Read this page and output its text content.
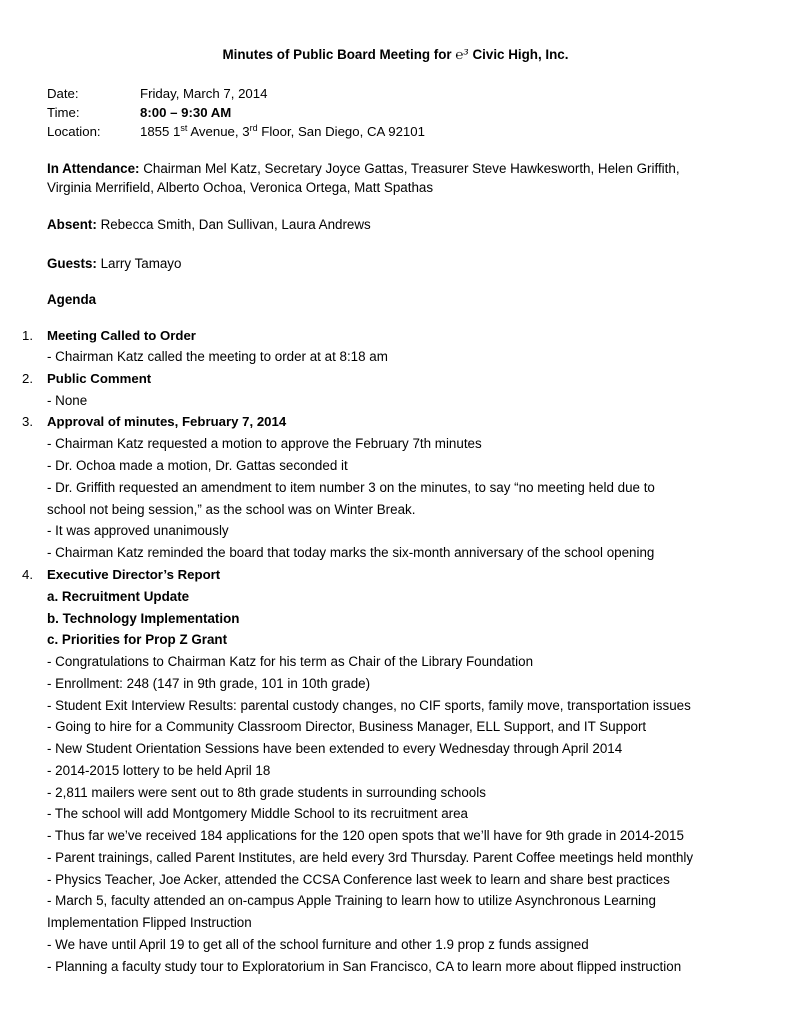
Minutes of Public Board Meeting for ℮³ Civic High, Inc.
Date:	Friday, March 7, 2014
Time:	8:00 – 9:30 AM
Location:	1855 1st Avenue, 3rd Floor, San Diego, CA 92101
In Attendance: Chairman Mel Katz, Secretary Joyce Gattas, Treasurer Steve Hawkesworth, Helen Griffith,
Virginia Merrifield, Alberto Ochoa, Veronica Ortega, Matt Spathas
Absent: Rebecca Smith, Dan Sullivan, Laura Andrews
Guests: Larry Tamayo
Agenda
1. Meeting Called to Order
- Chairman Katz called the meeting to order at at 8:18 am
2. Public Comment
- None
3. Approval of minutes, February 7, 2014
- Chairman Katz requested a motion to approve the February 7th minutes
- Dr. Ochoa made a motion, Dr. Gattas seconded it
- Dr. Griffith requested an amendment to item number 3 on the minutes, to say “no meeting held due to
school not being session,” as the school was on Winter Break.
- It was approved unanimously
- Chairman Katz reminded the board that today marks the six-month anniversary of the school opening
4. Executive Director’s Report
a. Recruitment Update
b. Technology Implementation
c. Priorities for Prop Z Grant
- Congratulations to Chairman Katz for his term as Chair of the Library Foundation
- Enrollment: 248 (147 in 9th grade, 101 in 10th grade)
- Student Exit Interview Results: parental custody changes, no CIF sports, family move, transportation issues
- Going to hire for a Community Classroom Director, Business Manager, ELL Support, and IT Support
- New Student Orientation Sessions have been extended to every Wednesday through April 2014
- 2014-2015 lottery to be held April 18
- 2,811 mailers were sent out to 8th grade students in surrounding schools
- The school will add Montgomery Middle School to its recruitment area
- Thus far we’ve received 184 applications for the 120 open spots that we’ll have for 9th grade in 2014-2015
- Parent trainings, called Parent Institutes, are held every 3rd Thursday. Parent Coffee meetings held monthly
- Physics Teacher, Joe Acker, attended the CCSA Conference last week to learn and share best practices
- March 5, faculty attended an on-campus Apple Training to learn how to utilize Asynchronous Learning
Implementation Flipped Instruction
- We have until April 19 to get all of the school furniture and other 1.9 prop z funds assigned
- Planning a faculty study tour to Exploratorium in San Francisco, CA to learn more about flipped instruction
